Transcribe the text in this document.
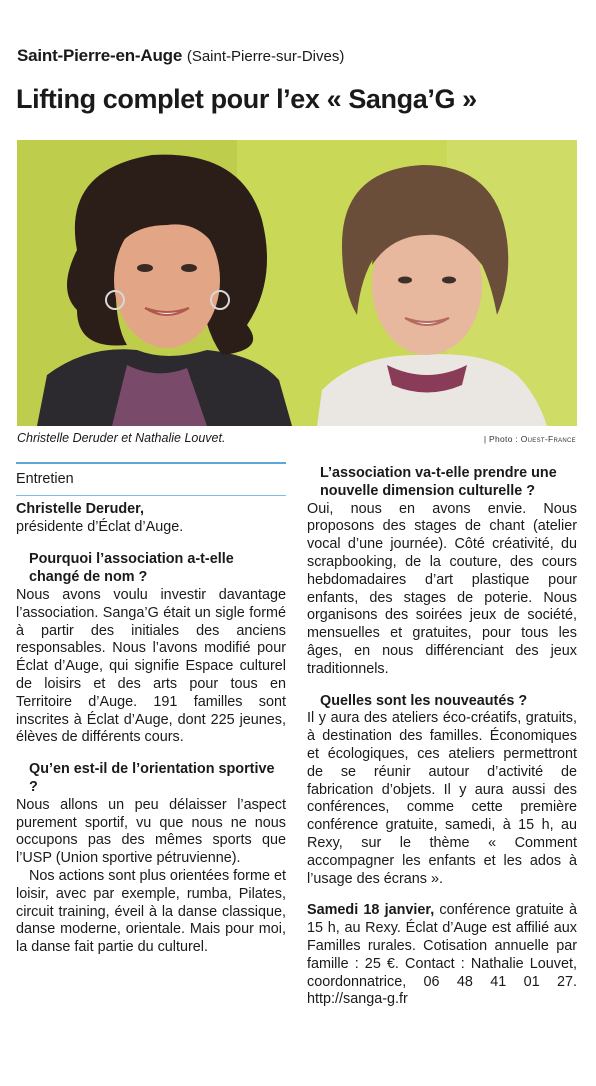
Saint-Pierre-en-Auge (Saint-Pierre-sur-Dives)
Lifting complet pour l’ex « Sanga’G »
Christelle Deruder et Nathalie Louvet.	| Photo : Ouest-France
Entretien
Christelle Deruder,
présidente d’Éclat d’Auge.
Pourquoi l’association a-t-elle changé de nom ?
Nous avons voulu investir davantage l’association. Sanga’G était un sigle formé à partir des initiales des anciens responsables. Nous l’avons modifié pour Éclat d’Auge, qui signifie Espace culturel de loisirs et des arts pour tous en Territoire d’Auge. 191 familles sont inscrites à Éclat d’Auge, dont 225 jeunes, élèves de différents cours.
Qu’en est-il de l’orientation sportive ?
Nous allons un peu délaisser l’aspect purement sportif, vu que nous ne nous occupons pas des mêmes sports que l’USP (Union sportive pétruvienne).
Nos actions sont plus orientées forme et loisir, avec par exemple, rumba, Pilates, circuit training, éveil à la danse classique, danse moderne, orientale. Mais pour moi, la danse fait partie du culturel.
L’association va-t-elle prendre une nouvelle dimension culturelle ?
Oui, nous en avons envie. Nous proposons des stages de chant (atelier vocal d’une journée). Côté créativité, du scrapbooking, de la couture, des cours hebdomadaires d’art plastique pour enfants, des stages de poterie. Nous organisons des soirées jeux de société, mensuelles et gratuites, pour tous les âges, en nous différenciant des jeux traditionnels.
Quelles sont les nouveautés ?
Il y aura des ateliers éco-créatifs, gratuits, à destination des familles. Économiques et écologiques, ces ateliers permettront de se réunir autour d’activité de fabrication d’objets. Il y aura aussi des conférences, comme cette première conférence gratuite, samedi, à 15 h, au Rexy, sur le thème « Comment accompagner les enfants et les ados à l’usage des écrans ».
Samedi 18 janvier, conférence gratuite à 15 h, au Rexy. Éclat d’Auge est affilié aux Familles rurales. Cotisation annuelle par famille : 25 €. Contact : Nathalie Louvet, coordonnatrice, 06 48 41 01 27. http://sanga-g.fr
